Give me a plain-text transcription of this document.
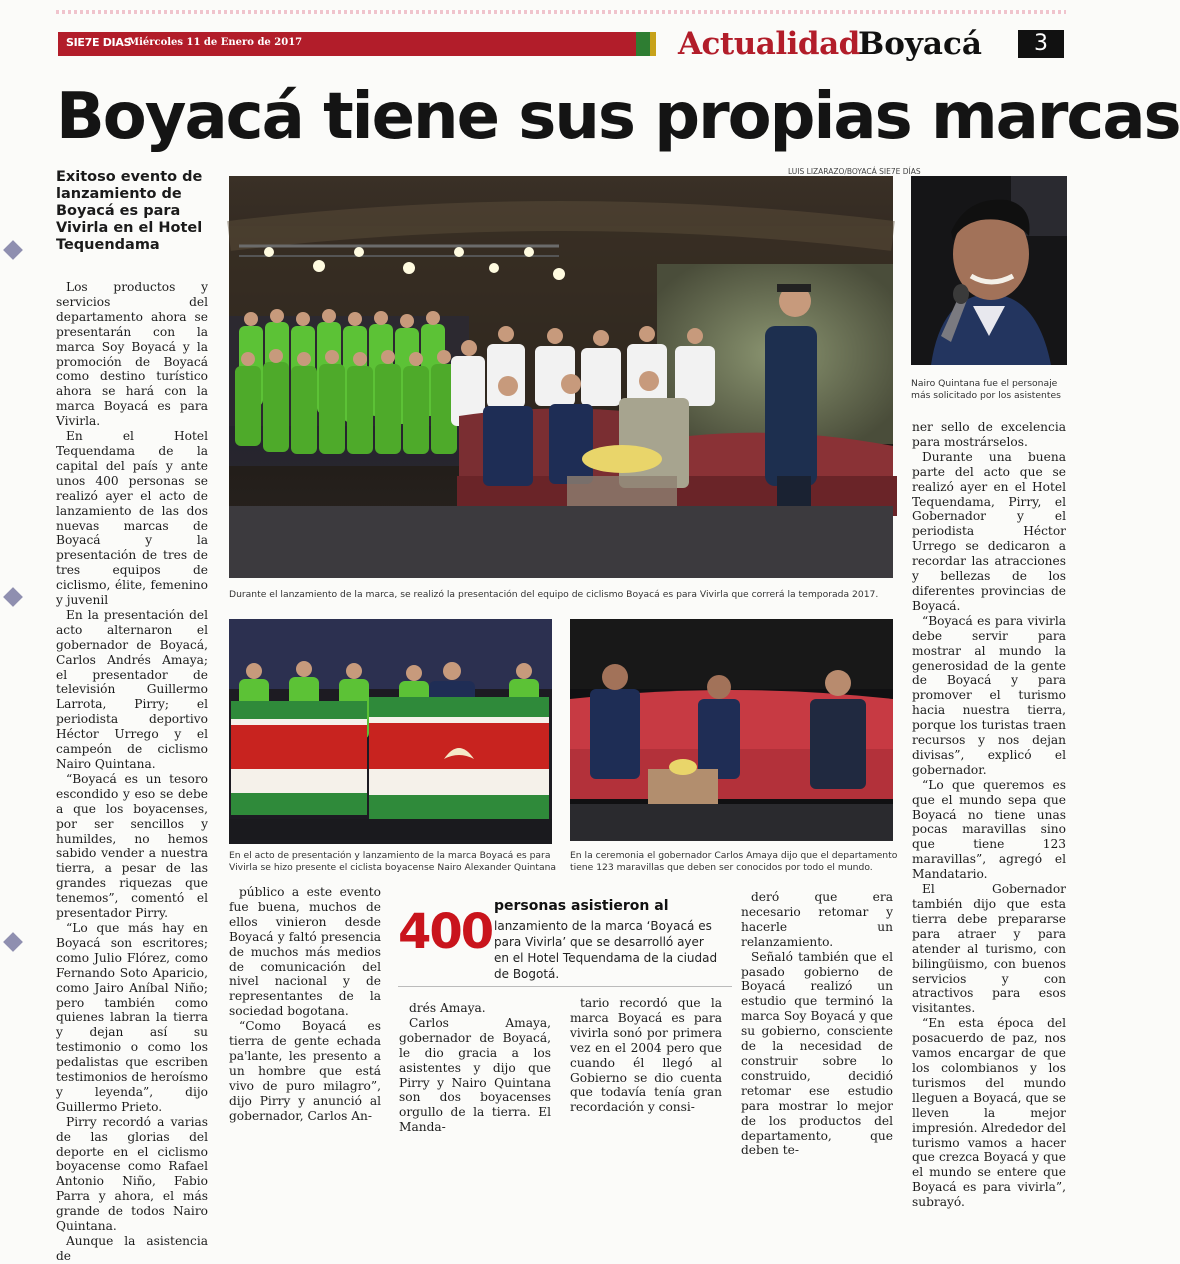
SIE7E DIAS
Miércoles 11 de Enero de 2017	Actualidad
Boyacá	3
Boyacá tiene sus propias marcas
Exitoso evento de lanzamiento de Boyacá es para Vivirla en el Hotel Tequendama

Los productos y servicios del departamento ahora se presentarán con la marca Soy Boyacá y la promoción de Boyacá como destino turístico ahora se hará con la marca Boyacá es para Vivirla.

En el Hotel Tequendama de la capital del país y ante unos 400 personas se realizó ayer el acto de lanzamiento de las dos nuevas marcas de Boyacá y la presentación de tres de tres equipos de ciclismo, élite, femenino y juvenil

En la presentación del acto alternaron el gobernador de Boyacá, Carlos Andrés Amaya; el presentador de televisión Guillermo Larrota, Pirry; el periodista deportivo Héctor Urrego y el campeón de ciclismo Nairo Quintana.

“Boyacá es un tesoro escondido y eso se debe a que los boyacenses, por ser sencillos y humildes, no hemos sabido vender a nuestra tierra, a pesar de las grandes riquezas que tenemos”, comentó el presentador Pirry.

“Lo que más hay en Boyacá son escritores; como Julio Flórez, como Fernando Soto Aparicio, como Jairo Aníbal Niño; pero también como quienes labran la tierra y dejan así su testimonio o como los pedalistas que escriben testimonios de heroísmo y leyenda”, dijo Guillermo Prieto.

Pirry recordó a varias de las glorias del deporte en el ciclismo boyacense como Rafael Antonio Niño, Fabio Parra y ahora, el más grande de todos Nairo Quintana.

Aunque la asistencia de

LUIS LIZARAZO/BOYACÁ SIE7E DÍAS
Durante el lanzamiento de la marca, se realizó la presentación del equipo de ciclismo Boyacá es para Vivirla que correrá la temporada 2017.
Nairo Quintana fue el personaje más solicitado por los asistentes
En el acto de presentación y lanzamiento de la marca Boyacá es para Vivirla se hizo presente el ciclista boyacense Nairo Alexander Quintana
En la ceremonia el gobernador Carlos Amaya dijo que el departamento tiene 123 maravillas que deben ser conocidos por todo el mundo.
400 personas asistieron al
lanzamiento de la marca ‘Boyacá es para Vivirla’ que se desarrolló ayer en el Hotel Tequendama de la ciudad de Bogotá.

público a este evento fue buena, muchos de ellos vinieron desde Boyacá y faltó presencia de muchos más medios de comunicación del nivel nacional y de representantes de la sociedad bogotana.

“Como Boyacá es tierra de gente echada pa'lante, les presento a un hombre que está vivo de puro milagro”, dijo Pirry y anunció al gobernador, Carlos An-

drés Amaya.

Carlos Amaya, gobernador de Boyacá, le dio gracia a los asistentes y dijo que Pirry y Nairo Quintana son dos boyacenses orgullo de la tierra. El Manda-

tario recordó que la marca Boyacá es para vivirla sonó por primera vez en el 2004 pero que cuando él llegó al Gobierno se dio cuenta que todavía tenía gran recordación y consi-

deró que era necesario retomar y hacerle un relanzamiento.

Señaló también que el pasado gobierno de Boyacá realizó un estudio que terminó la marca Soy Boyacá y que su gobierno, consciente de la necesidad de construir sobre lo construido, decidió retomar ese estudio para mostrar lo mejor de los productos del departamento, que deben te-

ner sello de excelencia para mostrárselos.

Durante una buena parte del acto que se realizó ayer en el Hotel Tequendama, Pirry, el Gobernador y el periodista Héctor Urrego se dedicaron a recordar las atracciones y bellezas de los diferentes provincias de Boyacá.

“Boyacá es para vivirla debe servir para mostrar al mundo la generosidad de la gente de Boyacá y para promover el turismo hacia nuestra tierra, porque los turistas traen recursos y nos dejan divisas”, explicó el gobernador.

“Lo que queremos es que el mundo sepa que Boyacá no tiene unas pocas maravillas sino que tiene 123 maravillas”, agregó el Mandatario.

El Gobernador también dijo que esta tierra debe prepararse para atraer y para atender al turismo, con bilingüismo, con buenos servicios y con atractivos para esos visitantes.

“En esta época del posacuerdo de paz, nos vamos encargar de que los colombianos y los turismos del mundo lleguen a Boyacá, que se lleven la mejor impresión. Alrededor del turismo vamos a hacer que crezca Boyacá y que el mundo se entere que Boyacá es para vivirla”, subrayó.
